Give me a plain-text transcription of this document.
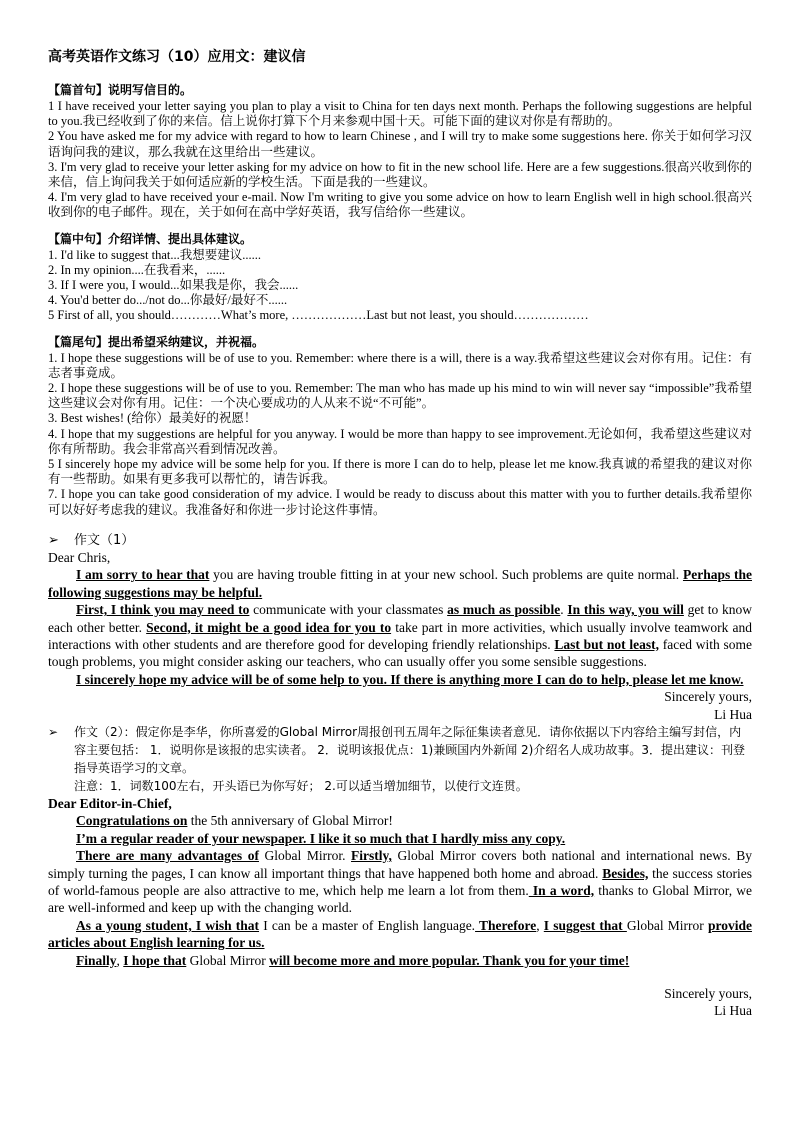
高考英语作文练习（10）应用文：建议信
【篇首句】说明写信目的。
1 I have received your letter saying you plan to play a visit to China for ten days next month. Perhaps the following suggestions are helpful to you.我已经收到了你的来信。信上说你打算下个月来参观中国十天。可能下面的建议对你是有帮助的。
2 You have asked me for my advice with regard to how to learn Chinese , and I will try to make some suggestions here. 你关于如何学习汉语询问我的建议，那么我就在这里给出一些建议。
3. I'm very glad to receive your letter asking for my advice on how to fit in the new school life. Here are a few suggestions.很高兴收到你的来信，信上询问我关于如何适应新的学校生活。下面是我的一些建议。
4. I'm very glad to have received your e-mail. Now I'm writing to give you some advice on how to learn English well in high school.很高兴收到你的电子邮件。现在，关于如何在高中学好英语，我写信给你一些建议。
【篇中句】介绍详情、提出具体建议。
1. I'd like to suggest that...我想要建议......
2. In my opinion....在我看来，......
3. If I were you, I would...如果我是你，我会......
4. You'd better do.../not do...你最好/最好不......
5 First of all, you should…………What’s more, ………………Last but not least, you should………………
【篇尾句】提出希望采纳建议，并祝福。
1. I hope these suggestions will be of use to you. Remember: where there is a will, there is a way.我希望这些建议会对你有用。记住：有志者事竟成。
2. I hope these suggestions will be of use to you. Remember: The man who has made up his mind to win will never say “impossible”我希望这些建议会对你有用。记住：一个决心要成功的人从来不说“不可能”。
3. Best wishes! (给你）最美好的祝愿！
4. I hope that my suggestions are helpful for you anyway. I would be more than happy to see improvement.无论如何，我希望这些建议对你有所帮助。我会非常高兴看到情况改善。
5 I sincerely hope my advice will be some help for you. If there is more I can do to help, please let me know.我真诚的希望我的建议对你有一些帮助。如果有更多我可以帮忙的，请告诉我。
7. I hope you can take good consideration of my advice. I would be ready to discuss about this matter with you to further details.我希望你可以好好考虑我的建议。我准备好和你进一步讨论这件事情。
➢ 作文（1）
Dear Chris,
I am sorry to hear that you are having trouble fitting in at your new school. Such problems are quite normal. Perhaps the following suggestions may be helpful.
First, I think you may need to communicate with your classmates as much as possible. In this way, you will get to know each other better. Second, it might be a good idea for you to take part in more activities, which usually involve teamwork and interactions with other students and are therefore good for developing friendly relationships. Last but not least, faced with some tough problems, you might consider asking our teachers, who can usually offer you some sensible suggestions.
I sincerely hope my advice will be of some help to you. If there is anything more I can do to help, please let me know.
Sincerely yours,
Li Hua
➢	作文（2）：假定你是李华，你所喜爱的Global Mirror周报创刊五周年之际征集读者意见．请你依据以下内容给主编写封信，内容主要包括： 1．说明你是该报的忠实读者。 2．说明该报优点：1)兼顾国内外新闻 2)介绍名人成功故事。3．提出建议：刊登指导英语学习的文章。
注意：1．词数100左右，开头语已为你写好； 2.可以适当增加细节，以使行文连贯。
Dear Editor-in-Chief,
Congratulations on the 5th anniversary of Global Mirror!
I’m a regular reader of your newspaper. I like it so much that I hardly miss any copy.
There are many advantages of Global Mirror. Firstly, Global Mirror covers both national and international news. By simply turning the pages, I can know all important things that have happened both home and abroad. Besides, the success stories of world-famous people are also attractive to me, which help me learn a lot from them. In a word, thanks to Global Mirror, we are well-informed and keep up with the changing world.
As a young student, I wish that I can be a master of English language. Therefore, I suggest that Global Mirror provide articles about English learning for us.
Finally, I hope that Global Mirror will become more and more popular. Thank you for your time!
Sincerely yours,
Li Hua
